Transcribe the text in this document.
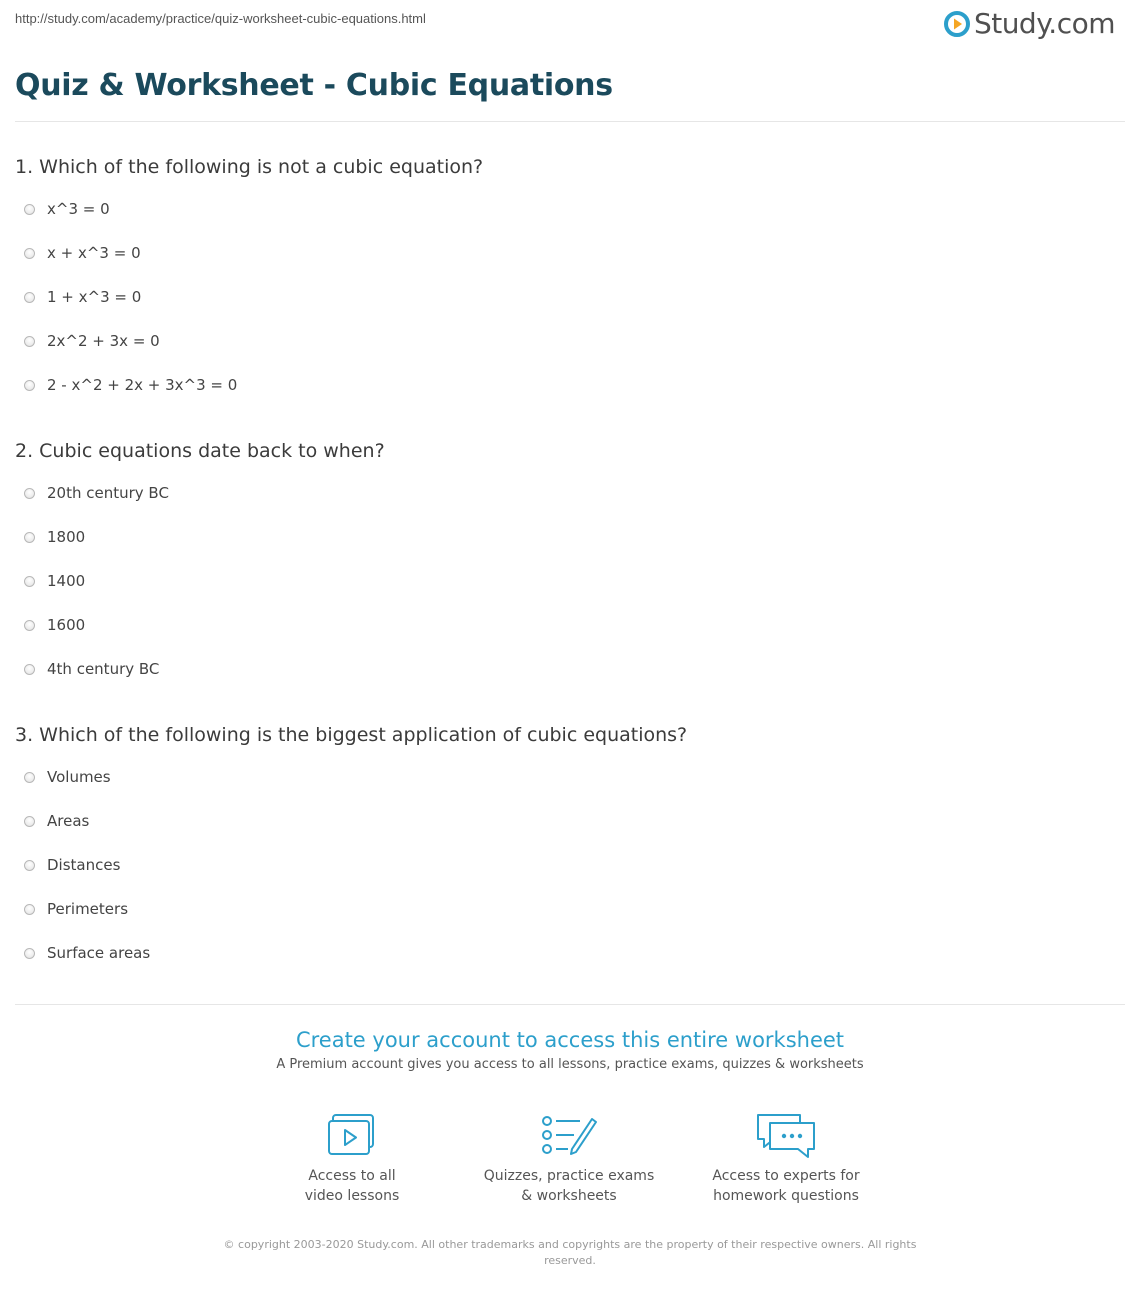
http://study.com/academy/practice/quiz-worksheet-cubic-equations.html	Study.com
Quiz & Worksheet - Cubic Equations
1. Which of the following is not a cubic equation?
x^3 = 0
x + x^3 = 0
1 + x^3 = 0
2x^2 + 3x = 0
2 - x^2 + 2x + 3x^3 = 0
2. Cubic equations date back to when?
20th century BC
1800
1400
1600
4th century BC
3. Which of the following is the biggest application of cubic equations?
Volumes
Areas
Distances
Perimeters
Surface areas

Create your account to access this entire worksheet

A Premium account gives you access to all lessons, practice exams, quizzes & worksheets
Access to all
video lessons
Quizzes, practice exams
& worksheets
Access to experts for
homework questions
© copyright 2003-2020 Study.com. All other trademarks and copyrights are the property of their respective owners. All rights reserved.
